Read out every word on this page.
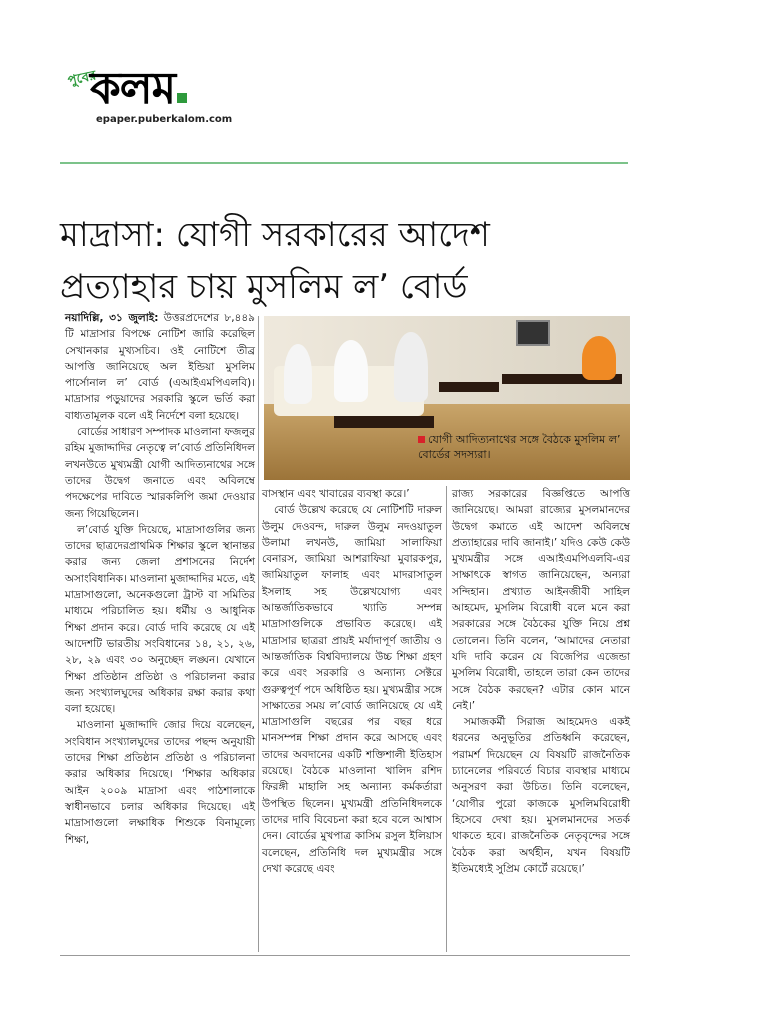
পুবের
কলম
epaper.puberkalom.com
মাদ্রাসা: যোগী সরকারের আদেশ
প্রত্যাহার চায় মুসলিম ল’ বোর্ড

নয়াদিল্লি, ৩১ জুলাই: উত্তরপ্রদেশের ৮,৪৪৯ টি মাদ্রাসার বিপক্ষে নোটিশ জারি করেছিল সেখানকার মুখ্যসচিব। ওই নোটিশে তীব্র আপত্তি জানিয়েছে অল ইন্ডিয়া মুসলিম পার্সোনাল ল’ বোর্ড (এআইএমপিএলবি)। মাদ্রাসার পড়ুয়াদের সরকারি স্কুলে ভর্তি করা বাধ্যতামূলক বলে এই নির্দেশে বলা হয়েছে।

বোর্ডের সাধারণ সম্পাদক মাওলানা ফজলুর রহিম মুজাদ্দাদির নেতৃত্বে ল’বোর্ড প্রতিনিধিদল লখনউতে মুখ্যমন্ত্রী যোগী আদিত্যনাথের সঙ্গে তাদের উদ্বেগ জনাতে এবং অবিলম্বে পদক্ষেপের দাবিতে স্মারকলিপি জমা দেওয়ার জন্য গিয়েছিলেন।

ল’বোর্ড যুক্তি দিয়েছে, মাদ্রাসাগুলির জন্য তাদের ছাত্রদেরপ্রাথমিক শিক্ষার স্কুলে স্থানান্তর করার জন্য জেলা প্রশাসনের নির্দেশ অসাংবিধানিক। মাওলানা মুজাদ্দাদির মতে, এই মাদ্রাসাগুলো, অনেকগুলো ট্রাস্ট বা সমিতির মাধ্যমে পরিচালিত হয়। ধর্মীয় ও আধুনিক শিক্ষা প্রদান করে। বোর্ড দাবি করেছে যে এই আদেশটি ভারতীয় সংবিধানের ১৪, ২১, ২৬, ২৮, ২৯ এবং ৩০ অনুচ্ছেদ লঙ্ঘন। যেখানে শিক্ষা প্রতিষ্ঠান প্রতিষ্ঠা ও পরিচালনা করার জন্য সংখ্যালঘুদের অধিকার রক্ষা করার কথা বলা হয়েছে।

মাওলানা মুজাদ্দাদি জোর দিয়ে বলেছেন, সংবিধান সংখ্যালঘুদের তাদের পছন্দ অনুযায়ী তাদের শিক্ষা প্রতিষ্ঠান প্রতিষ্ঠা ও পরিচালনা করার অধিকার দিয়েছে। ‘শিক্ষার অধিকার আইন ২০০৯ মাদ্রাসা এবং পাঠশালাকে স্বাধীনভাবে চলার অধিকার দিয়েছে। এই মাদ্রাসাগুলো লক্ষাধিক শিশুকে বিনামূল্যে শিক্ষা,

যোগী আদিত্যনাথের সঙ্গে বৈঠকে মুসলিম ল’ বোর্ডের সদস্যরা।

বাসস্থান এবং খাবারের ব্যবস্থা করে।’

বোর্ড উল্লেখ করেছে যে নোটিশটি দারুল উলুম দেওবন্দ, দারুল উলুম নদওয়াতুল উলামা লখনউ, জামিয়া সালাফিয়া বেনারস, জামিয়া আশরাফিয়া মুবারকপুর, জামিয়াতুল ফালাহ এবং মাদরাসাতুল ইসলাহ সহ উল্লেখযোগ্য এবং আন্তর্জাতিকভাবে খ্যাতি সম্পন্ন মাদ্রাসাগুলিকে প্রভাবিত করেছে। এই মাদ্রাসার ছাত্ররা প্রায়ই মর্যাদাপূর্ণ জাতীয় ও আন্তর্জাতিক বিশ্ববিদ্যালয়ে উচ্চ শিক্ষা গ্রহণ করে এবং সরকারি ও অন্যান্য সেক্টরে গুরুত্বপূর্ণ পদে অধিষ্ঠিত হয়। মুখ্যমন্ত্রীর সঙ্গে সাক্ষাতের সময় ল’বোর্ড জানিয়েছে যে এই মাদ্রাসাগুলি বছরের পর বছর ধরে মানসম্পন্ন শিক্ষা প্রদান করে আসছে এবং তাদের অবদানের একটি শক্তিশালী ইতিহাস রয়েছে। বৈঠকে মাওলানা খালিদ রশিদ ফিরঙ্গী মাহালি সহ অন্যান্য কর্মকর্তারা উপস্থিত ছিলেন। মুখ্যমন্ত্রী প্রতিনিধিদলকে তাদের দাবি বিবেচনা করা হবে বলে আশ্বাস দেন। বোর্ডের মুখপাত্র কাসিম রসুল ইলিয়াস বলেছেন, প্রতিনিধি দল মুখ্যমন্ত্রীর সঙ্গে দেখা করেছে এবং

রাজ্য সরকারের বিজ্ঞপ্তিতে আপত্তি জানিয়েছে। আমরা রাজ্যের মুসলমানদের উদ্বেগ কমাতে এই আদেশ অবিলম্বে প্রত্যাহারের দাবি জানাই।’ যদিও কেউ কেউ মুখ্যমন্ত্রীর সঙ্গে এআইএমপিএলবি-এর সাক্ষাৎকে স্বাগত জানিয়েছেন, অন্যরা সন্দিহান। প্রখ্যাত আইনজীবী সাহিল আহমেদ, মুসলিম বিরোধী বলে মনে করা সরকারের সঙ্গে বৈঠকের যুক্তি নিয়ে প্রশ্ন তোলেন। তিনি বলেন, ‘আমাদের নেতারা যদি দাবি করেন যে বিজেপির এজেন্ডা মুসলিম বিরোধী, তাহলে তারা কেন তাদের সঙ্গে বৈঠক করছেন? এটার কোন মানে নেই।’

সমাজকর্মী সিরাজ আহমেদও একই ধরনের অনুভূতির প্রতিধ্বনি করেছেন, পরামর্শ দিয়েছেন যে বিষয়টি রাজনৈতিক চ্যানেলের পরিবর্তে বিচার ব্যবস্থার মাধ্যমে অনুসরণ করা উচিত। তিনি বলেছেন, ‘যোগীর পুরো কাজকে মুসলিমবিরোধী হিসেবে দেখা হয়। মুসলমানদের সতর্ক থাকতে হবে। রাজনৈতিক নেতৃবৃন্দের সঙ্গে বৈঠক করা অর্থহীন, যখন বিষয়টি ইতিমধ্যেই সুপ্রিম কোর্টে রয়েছে।’
